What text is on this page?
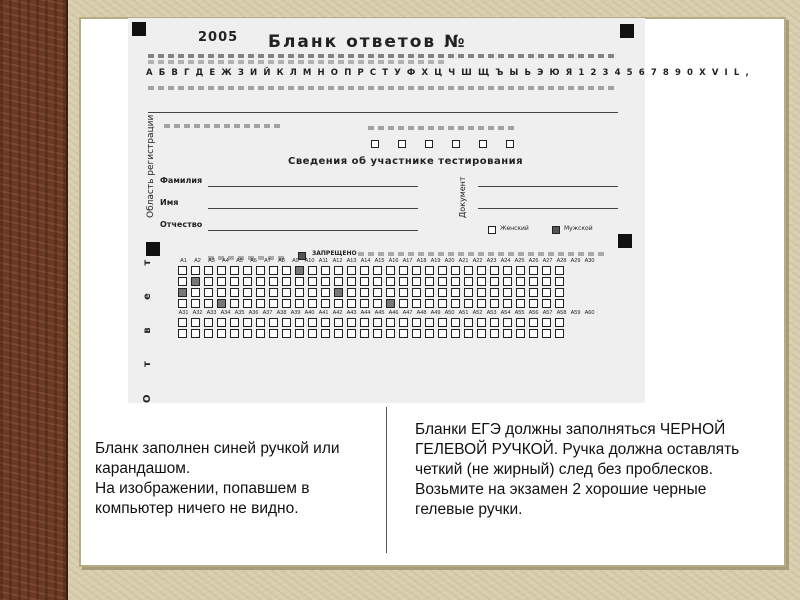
2005 Бланк ответов №
А Б В Г Д Е Ж З И Й К Л М Н О П Р С Т У Ф Х Ц Ч Ш Щ Ъ Ы Ь Э Ю Я 1 2 3 4 5 6 7 8 9 0 X V I L ,
Область регистрации	Сведения об участнике тестирования
Фамилия
Имя
Отчество
Документ
Женский	Мужской
ЗАПРЕЩЕНО
О т в е т	A1	A2	A3	A4	A5	A6	A7	A8	A9	A10 A11 A12 A13 A14 A15 A16 A17 A18 A19 A20 A21 A22 A23 A24 A25 A26 A27 A28 A29 A30
A31 A32 A33 A34 A35 A36 A37 A38 A39 A40 A41 A42 A43 A44 A45 A46 A47 A48 A49 A50 A51 A52 A53 A54 A55 A56 A57 A58 A59 A60
Бланк заполнен синей ручкой или карандашом.
На изображении, попавшем в компьютер ничего не видно.
Бланки ЕГЭ должны заполняться ЧЕРНОЙ ГЕЛЕВОЙ РУЧКОЙ. Ручка должна оставлять четкий (не жирный) след без проблесков.
Возьмите на экзамен 2 хорошие черные гелевые ручки.
